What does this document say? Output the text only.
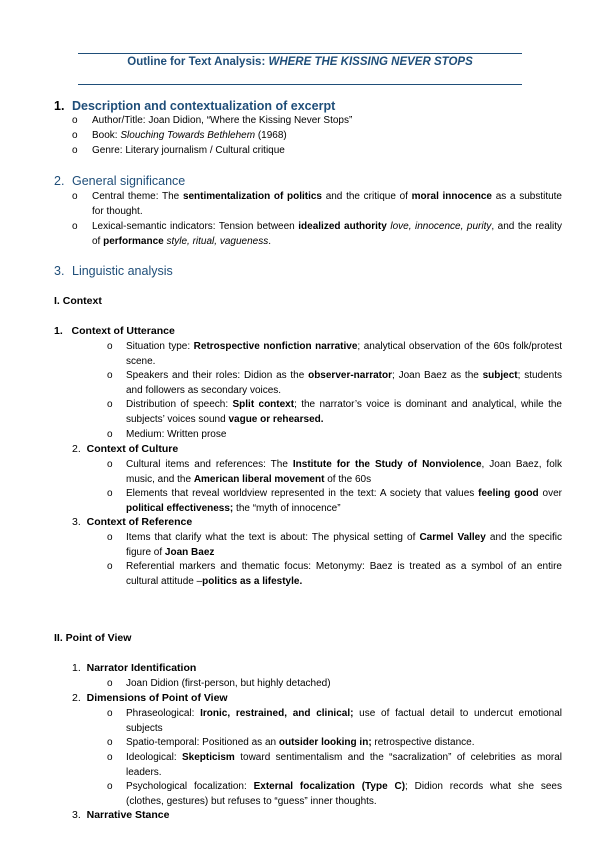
Outline for Text Analysis: WHERE THE KISSING NEVER STOPS
1. Description and contextualization of excerpt
o Author/Title: Joan Didion, “Where the Kissing Never Stops”
o Book: Slouching Towards Bethlehem (1968)
o Genre: Literary journalism / Cultural critique
2. General significance
o Central theme: The sentimentalization of politics and the critique of moral innocence as a substitute for thought.
o Lexical-semantic indicators: Tension between idealized authority love, innocence, purity, and the reality of performance style, ritual, vagueness.
3. Linguistic analysis
I. Context
1. Context of Utterance
o Situation type: Retrospective nonfiction narrative; analytical observation of the 60s folk/protest scene.
o Speakers and their roles: Didion as the observer-narrator; Joan Baez as the subject; students and followers as secondary voices.
o Distribution of speech: Split context; the narrator’s voice is dominant and analytical, while the subjects’ voices sound vague or rehearsed.
o Medium: Written prose
2. Context of Culture
o Cultural items and references: The Institute for the Study of Nonviolence, Joan Baez, folk music, and the American liberal movement of the 60s
o Elements that reveal worldview represented in the text: A society that values feeling good over political effectiveness; the “myth of innocence”
3. Context of Reference
o Items that clarify what the text is about: The physical setting of Carmel Valley and the specific figure of Joan Baez
o Referential markers and thematic focus: Metonymy: Baez is treated as a symbol of an entire cultural attitude –politics as a lifestyle.
II. Point of View
1. Narrator Identification
o Joan Didion (first-person, but highly detached)
2. Dimensions of Point of View
o Phraseological: Ironic, restrained, and clinical; use of factual detail to undercut emotional subjects
o Spatio-temporal: Positioned as an outsider looking in; retrospective distance.
o Ideological: Skepticism toward sentimentalism and the “sacralization” of celebrities as moral leaders.
o Psychological focalization: External focalization (Type C); Didion records what she sees (clothes, gestures) but refuses to “guess” inner thoughts.
3. Narrative Stance
